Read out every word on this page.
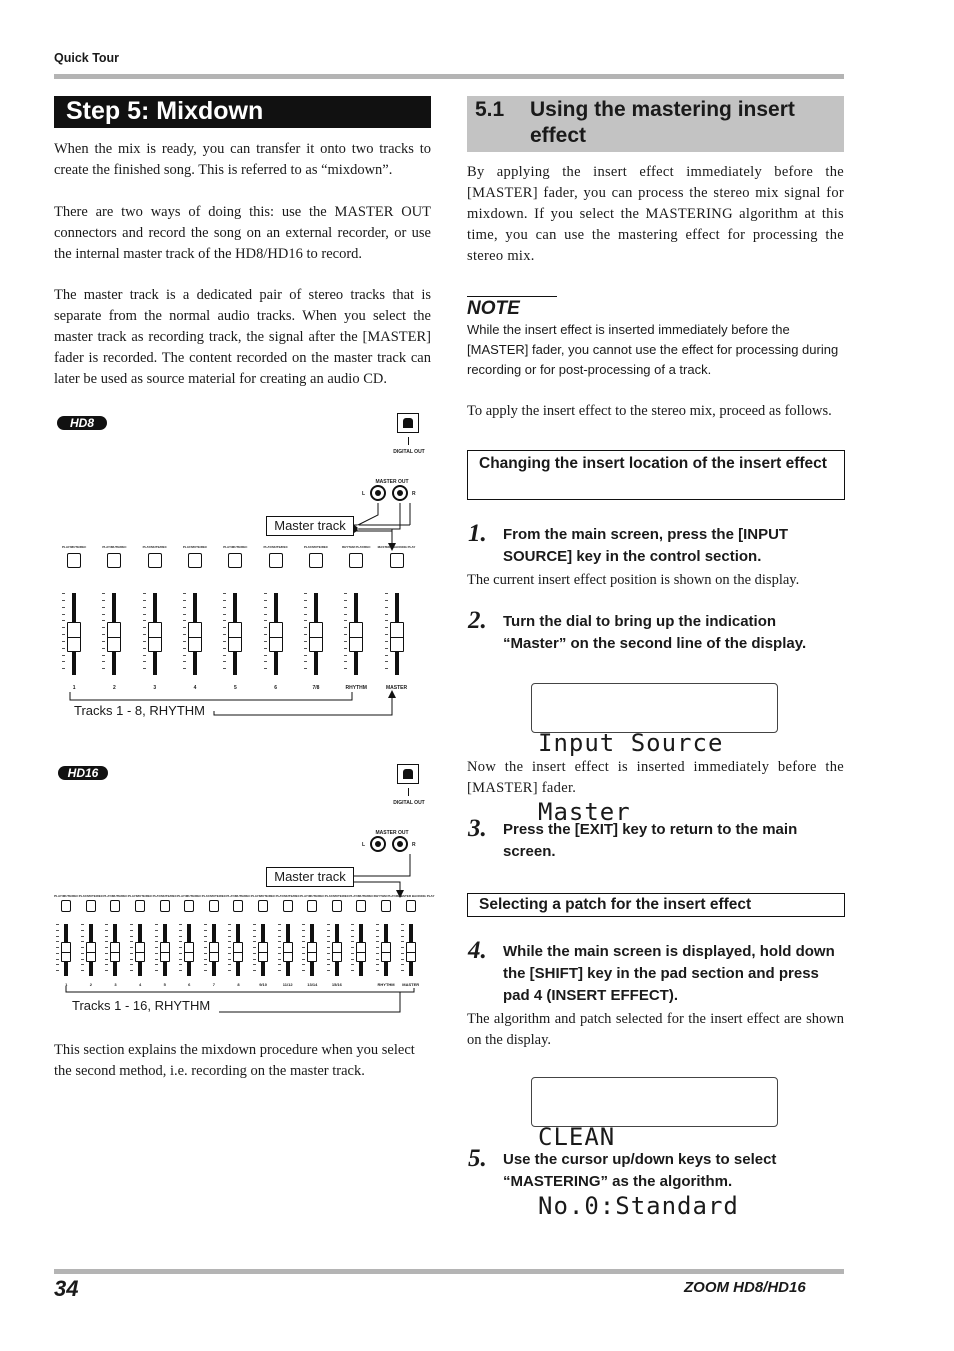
Quick Tour
Step 5: Mixdown
When the mix is ready, you can transfer it onto two tracks to create the finished song. This is referred to as “mixdown”.
There are two ways of doing this: use the MASTER OUT connectors and record the song on an external recorder, or use the internal master track of the HD8/HD16 to record.
The master track is a dedicated pair of stereo tracks that is separate from the normal audio tracks. When you select the master track as recording track, the signal after the [MASTER] fader is recorded. The content recorded on the master track can later be used as source material for creating an audio CD.
HD8
DIGITAL OUT
MASTER OUT
L	R
Master track
PLAY/MUTE/REC
1
PLAY/MUTE/REC
2
PLAY/MUTE/REC
3
PLAY/MUTE/REC
4
PLAY/MUTE/REC
5
PLAY/MUTE/REC
6
PLAY/MUTE/REC
7/8
RHYTHM PLAY/REC
RHYTHM
MASTER / BACKING PLAY
MASTER
Tracks 1 - 8, RHYTHM
HD16
DIGITAL OUT
MASTER OUT
L	R
Master track
PLAY/MUTE/REC
1
PLAY/MUTE/REC
2
PLAY/MUTE/REC
3
PLAY/MUTE/REC
4
PLAY/MUTE/REC
5
PLAY/MUTE/REC
6
PLAY/MUTE/REC
7
PLAY/MUTE/REC
8
PLAY/MUTE/REC
9/10
PLAY/MUTE/REC
11/12
PLAY/MUTE/REC
13/14
PLAY/MUTE/REC
15/16
PLAY/MUTE/REC RHYTHM PLAY/REC
RHYTHM
MASTER BACKING PLAY
MASTER
Tracks 1 - 16, RHYTHM
This section explains the mixdown procedure when you select the second method, i.e. recording on the master track.
5.1 Using the mastering insert
effect
By applying the insert effect immediately before the [MASTER] fader, you can process the stereo mix signal for mixdown. If you select the MASTERING algorithm at this time, you can use the mastering effect for processing the stereo mix.
NOTE
While the insert effect is inserted immediately before the [MASTER] fader, you cannot use the effect for processing during recording or for post-processing of a track.
To apply the insert effect to the stereo mix, proceed as follows.
Changing the insert location of the insert effect
1. From the main screen, press the [INPUT SOURCE] key in the control section.
The current insert effect position is shown on the display.
2. Turn the dial to bring up the indication “Master” on the second line of the display.

Input Source

Master

Now the insert effect is inserted immediately before the [MASTER] fader.
3. Press the [EXIT] key to return to the main screen.
Selecting a patch for the insert effect
4. While the main screen is displayed, hold down the [SHIFT] key in the pad section and press pad 4 (INSERT EFFECT).
The algorithm and patch selected for the insert effect are shown on the display.

CLEAN

No.0:Standard

5. Use the cursor up/down keys to select “MASTERING” as the algorithm.
34	ZOOM HD8/HD16
